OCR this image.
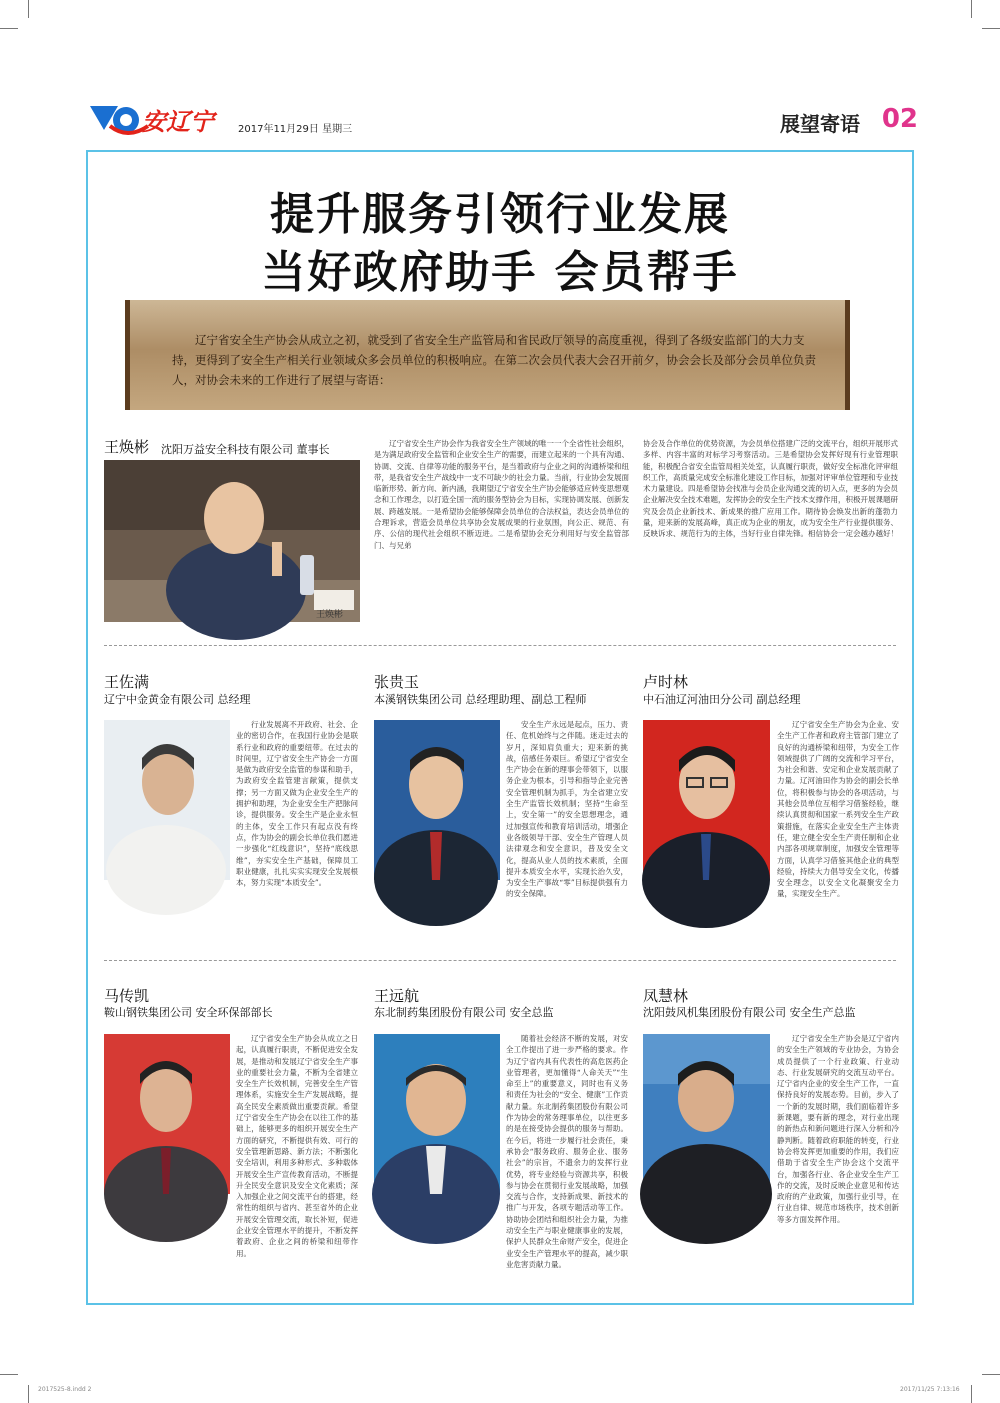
安辽宁	2017年11月29日 星期三	展望寄语 02
提升服务引领行业发展
当好政府助手 会员帮手
辽宁省安全生产协会从成立之初，就受到了省安全生产监管局和省民政厅领导的高度重视，得到了各级安监部门的大力支持，更得到了安全生产相关行业领域众多会员单位的积极响应。在第二次会员代表大会召开前夕，协会会长及部分会员单位负责人，对协会未来的工作进行了展望与寄语：
王焕彬 沈阳万益安全科技有限公司 董事长
王焕彬
辽宁省安全生产协会作为我省安全生产领域的唯一一个全省性社会组织，是为满足政府安全监管和企业安全生产的需要，而建立起来的一个具有沟通、协调、交流、自律等功能的服务平台，是当着政府与企业之间的沟通桥梁和纽带，是我省安全生产战线中一支不可缺少的社会力量。当前，行业协会发展面临新形势、新方向、新内涵，我期望辽宁省安全生产协会能够适应转变思想观念和工作理念，以打造全国一流的服务型协会为目标，实现协调发展、创新发展、跨越发展。一是希望协会能够保障会员单位的合法权益，表达会员单位的合理诉求，营造会员单位共享协会发展成果的行业氛围，向公正、规范、有序、公信的现代社会组织不断迈进。二是希望协会充分利用好与安全监管部门、与兄弟
协会及合作单位的优势资源，为会员单位搭建广泛的交流平台，组织开展形式多样、内容丰富的对标学习考察活动。三是希望协会发挥好现有行业管理职能，积极配合省安全监管局相关处室，认真履行职责，做好安全标准化评审组织工作，高质量完成安全标准化建设工作目标，加强对评审单位管理和专业技术力量建设。四是希望协会找准与会员企业沟通交流的切入点，更多的为会员企业解决安全技术难题，发挥协会的安全生产技术支撑作用，积极开展课题研究及会员企业新技术、新成果的推广应用工作。期待协会焕发出新的蓬勃力量，迎来新的发展高峰，真正成为企业的朋友，成为安全生产行业提供服务、反映诉求、规范行为的主体，当好行业自律先锋。相信协会一定会越办越好！
王佐满
辽宁中金黄金有限公司 总经理
行业发展离不开政府、社会、企业的密切合作，在我国行业协会是联系行业和政府的重要纽带。在过去的时间里，辽宁省安全生产协会一方面是做为政府安全监管的参谋和助手，为政府安全监管建言献策，提供支撑；另一方面又做为企业安全生产的拥护和助理，为企业安全生产把脉问诊，提供服务。安全生产是企业永恒的主体，安全工作只有起点没有终点，作为协会的副会长单位我们愿进一步强化“红线意识”，坚持“底线思维”，夯实安全生产基础，保障员工职业健康，扎扎实实实现安全发展根本，努力实现“本质安全”。
张贵玉
本溪钢铁集团公司 总经理助理、副总工程师
安全生产永远是起点，压力、责任、危机始终与之伴随。迷走过去的岁月，深知肩负重大；迎来新的挑战，倍感任务艰巨。希望辽宁省安全生产协会在新的理事会带领下，以服务企业为根本，引导和指导企业完善安全管理机制为抓手，为全省建立安全生产监管长效机制；坚持“生命至上，安全第一”的安全思想理念，通过加强宣传和教育培训活动，增强企业各级领导干部、安全生产管理人员法律观念和安全意识，普及安全文化，提高从业人员的技术素质，全面提升本质安全水平，实现长治久安，为安全生产事故“零”目标提供强有力的安全保障。
卢时林
中石油辽河油田分公司 副总经理
辽宁省安全生产协会为企业、安全生产工作者和政府主管部门建立了良好的沟通桥梁和纽带，为安全工作领域提供了广阔的交流和学习平台，为社会和谐、安定和企业发展贡献了力量。辽河油田作为协会的副会长单位，将积极参与协会的各项活动，与其他会员单位互相学习借鉴经验，继续认真贯彻和国家一系列安全生产政策措施，在落实企业安全生产主体责任，建立健全安全生产责任制和企业内部各项规章制度，加强安全管理等方面，认真学习借鉴其他企业的典型经验，持续大力倡导安全文化，传播安全理念，以安全文化凝聚安全力量，实现安全生产。
马传凯
鞍山钢铁集团公司 安全环保部部长
辽宁省安全生产协会从成立之日起，认真履行职责，不断促进安全发展，是推动和发展辽宁省安全生产事业的重要社会力量，不断为全省建立安全生产长效机制，完善安全生产管理体系，实施安全生产发展战略，提高全民安全素质做出重要贡献。希望辽宁省安全生产协会在以往工作的基础上，能够更多的组织开展安全生产方面的研究，不断提供有效、可行的安全管理新思路、新方法；不断强化安全培训，利用多种形式、多种载体开展安全生产宣传教育活动，不断提升全民安全意识及安全文化素质；深入加强企业之间交流平台的搭建，经常性的组织与省内、甚至省外的企业开展安全管理交流，取长补短，促进企业安全管理水平的提升，不断发挥着政府、企业之间的桥梁和纽带作用。
王远航
东北制药集团股份有限公司 安全总监
随着社会经济不断的发展，对安全工作提出了进一步严格的要求。作为辽宁省内具有代表性的高危医药企业管理者，更加懂得“人命关天”“生命至上”的重要意义，同时也有义务和责任为社会的“安全、健康”工作贡献力量。东北制药集团股份有限公司作为协会的常务理事单位，以往更多的是在接受协会提供的服务与帮助。在今后，将进一步履行社会责任，秉承协会“服务政府、服务企业、服务社会”的宗旨，不遗余力的发挥行业优势，将专业经验与资源共享，积极参与协会在贯彻行业发展战略，加强交流与合作，支持新成果、新技术的推广与开发，各项专题活动等工作。协助协会团结和组织社会力量，为推动安全生产与职业健康事业的发展，保护人民群众生命财产安全，促进企业安全生产管理水平的提高，减少职业危害贡献力量。
凤慧林
沈阳鼓风机集团股份有限公司 安全生产总监
辽宁省安全生产协会是辽宁省内的安全生产领域的专业协会，为协会成员提供了一个行业政策、行业动态、行业发展研究的交流互动平台。辽宁省内企业的安全生产工作，一直保持良好的发展态势。目前，步入了一个新的发展时期，我们面临着许多新课题，要有新的理念，对行业出现的新热点和新问题进行深入分析和冷静判断。随着政府职能的转变，行业协会将发挥更加重要的作用，我们应借助于省安全生产协会这个交流平台，加强各行业、各企业安全生产工作的交流，及时反映企业意见和传达政府的产业政策，加强行业引导，在行业自律、规范市场秩序，技术创新等多方面发挥作用。
2017525-8.indd 2	2017/11/25 7:13:16
